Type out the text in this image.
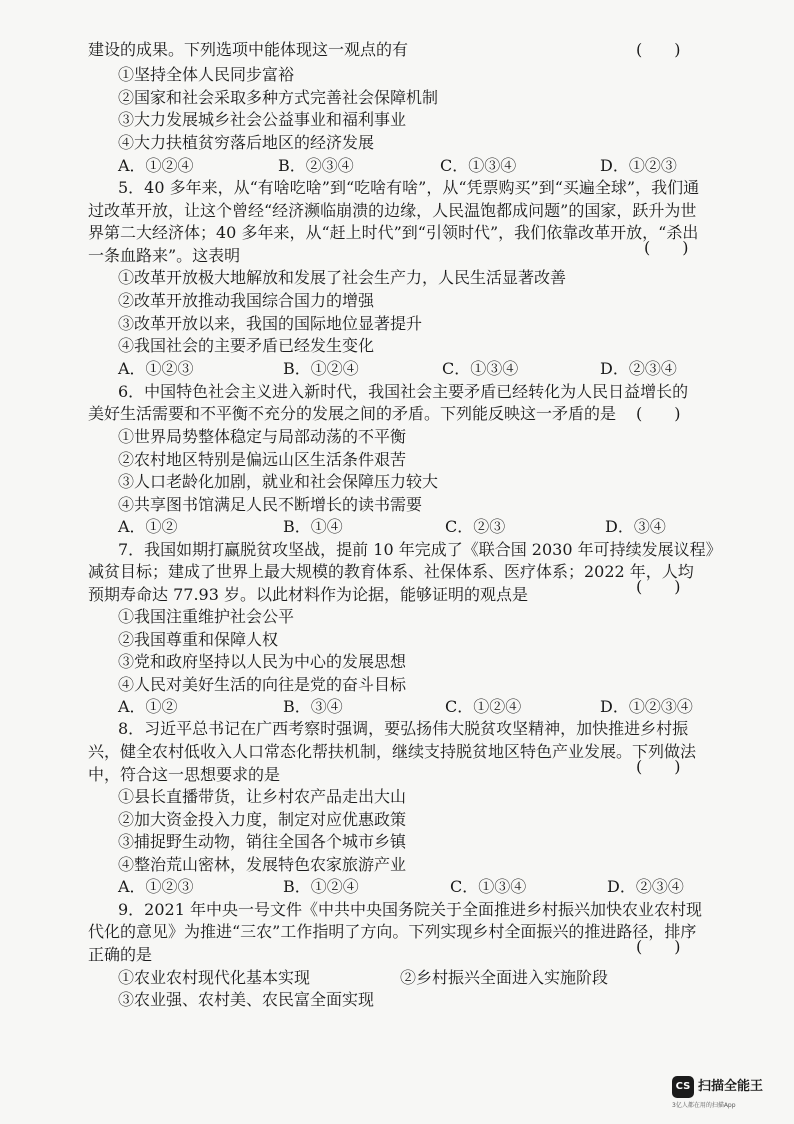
建设的成果。下列选项中能体现这一观点的有	(　　)
①坚持全体人民同步富裕
②国家和社会采取多种方式完善社会保障机制
③大力发展城乡社会公益事业和福利事业
④大力扶植贫穷落后地区的经济发展
A．①②④	B．②③④	C．①③④	D．①②③
5．40 多年来，从“有啥吃啥”到“吃啥有啥”，从“凭票购买”到“买遍全球”，我们通
过改革开放，让这个曾经“经济濒临崩溃的边缘，人民温饱都成问题”的国家，跃升为世
界第二大经济体；40 多年来，从“赶上时代”到“引领时代”，我们依靠改革开放，“杀出
一条血路来”。这表明	(　　)
①改革开放极大地解放和发展了社会生产力，人民生活显著改善
②改革开放推动我国综合国力的增强
③改革开放以来，我国的国际地位显著提升
④我国社会的主要矛盾已经发生变化
A．①②③	B．①②④	C．①③④	D．②③④
6．中国特色社会主义进入新时代，我国社会主要矛盾已经转化为人民日益增长的
美好生活需要和不平衡不充分的发展之间的矛盾。下列能反映这一矛盾的是 (　　)
①世界局势整体稳定与局部动荡的不平衡
②农村地区特别是偏远山区生活条件艰苦
③人口老龄化加剧，就业和社会保障压力较大
④共享图书馆满足人民不断增长的读书需要
A．①②	B．①④	C．②③	D．③④
7．我国如期打赢脱贫攻坚战，提前 10 年完成了《联合国 2030 年可持续发展议程》
减贫目标；建成了世界上最大规模的教育体系、社保体系、医疗体系；2022 年，人均
预期寿命达 77.93 岁。以此材料作为论据，能够证明的观点是	(　　)
①我国注重维护社会公平
②我国尊重和保障人权
③党和政府坚持以人民为中心的发展思想
④人民对美好生活的向往是党的奋斗目标
A．①②	B．③④	C．①②④	D．①②③④
8．习近平总书记在广西考察时强调，要弘扬伟大脱贫攻坚精神，加快推进乡村振
兴，健全农村低收入人口常态化帮扶机制，继续支持脱贫地区特色产业发展。下列做法
中，符合这一思想要求的是	(　　)
①县长直播带货，让乡村农产品走出大山
②加大资金投入力度，制定对应优惠政策
③捕捉野生动物，销往全国各个城市乡镇
④整治荒山密林，发展特色农家旅游产业
A．①②③	B．①②④	C．①③④	D．②③④
9．2021 年中央一号文件《中共中央国务院关于全面推进乡村振兴加快农业农村现
代化的意见》为推进“三农”工作指明了方向。下列实现乡村全面振兴的推进路径，排序
正确的是	(　　)
①农业农村现代化基本实现	②乡村振兴全面进入实施阶段
③农业强、农村美、农民富全面实现
CS 扫描全能王
3亿人都在用的扫描App
